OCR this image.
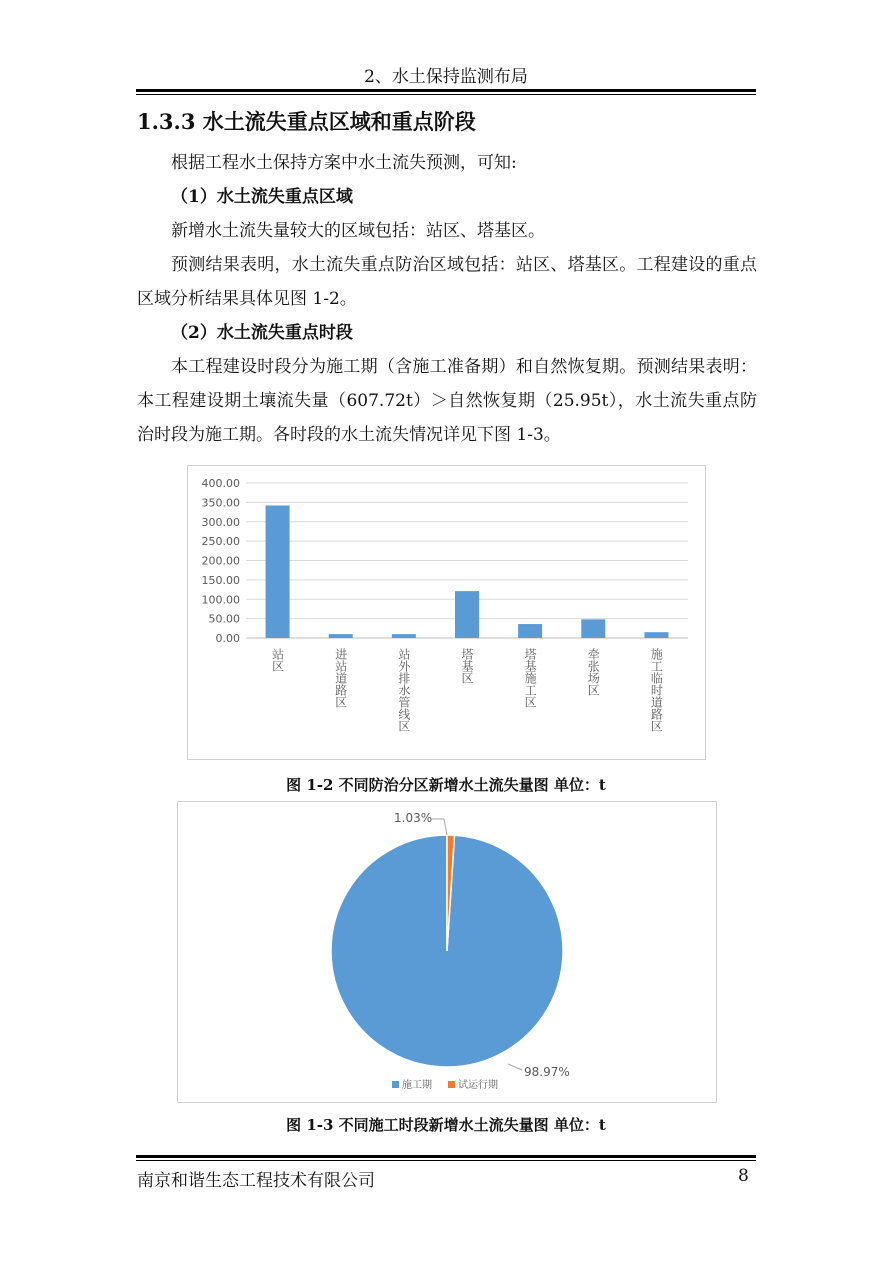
2、水土保持监测布局
1.3.3 水土流失重点区域和重点阶段
根据工程水土保持方案中水土流失预测，可知:
（1）水土流失重点区域
新增水土流失量较大的区域包括：站区、塔基区。
预测结果表明，水土流失重点防治区域包括：站区、塔基区。工程建设的重点区域分析结果具体见图 1-2。
（2）水土流失重点时段
本工程建设时段分为施工期（含施工准备期）和自然恢复期。预测结果表明：本工程建设期土壤流失量（607.72t）＞自然恢复期（25.95t），水土流失重点防治时段为施工期。各时段的水土流失情况详见下图 1-3。
400.00
350.00
300.00
250.00
200.00
150.00
100.00
50.00
0.00
站区	进站道路区	站外排水管线区	塔基区	塔基施工区	牵张场区	施工临时道路区
图 1-2 不同防治分区新增水土流失量图 单位：t
1.03%
98.97%
施工期	试运行期
图 1-3 不同施工时段新增水土流失量图 单位：t
南京和谐生态工程技术有限公司	8
